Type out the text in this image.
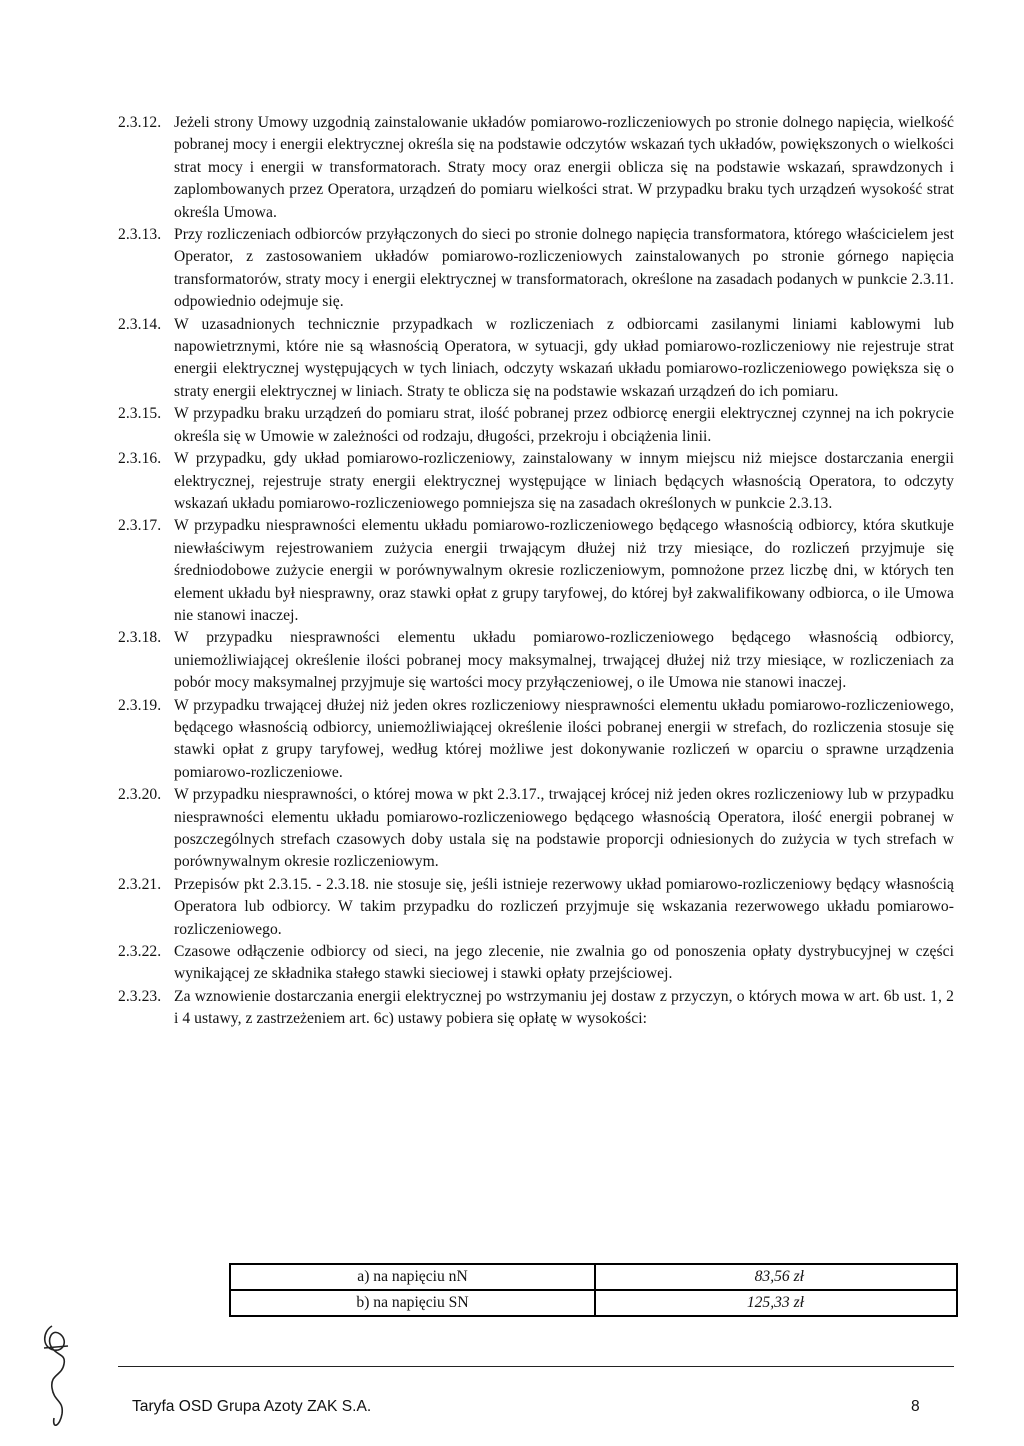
2.3.12. Jeżeli strony Umowy uzgodnią zainstalowanie układów pomiarowo-rozliczeniowych po stronie dolnego napięcia, wielkość pobranej mocy i energii elektrycznej określa się na podstawie odczytów wskazań tych układów, powiększonych o wielkości strat mocy i energii w transformatorach. Straty mocy oraz energii oblicza się na podstawie wskazań, sprawdzonych i zaplombowanych przez Operatora, urządzeń do pomiaru wielkości strat. W przypadku braku tych urządzeń wysokość strat określa Umowa.
2.3.13. Przy rozliczeniach odbiorców przyłączonych do sieci po stronie dolnego napięcia transformatora, którego właścicielem jest Operator, z zastosowaniem układów pomiarowo-rozliczeniowych zainstalowanych po stronie górnego napięcia transformatorów, straty mocy i energii elektrycznej w transformatorach, określone na zasadach podanych w punkcie 2.3.11. odpowiednio odejmuje się.
2.3.14. W uzasadnionych technicznie przypadkach w rozliczeniach z odbiorcami zasilanymi liniami kablowymi lub napowietrznymi, które nie są własnością Operatora, w sytuacji, gdy układ pomiarowo-rozliczeniowy nie rejestruje strat energii elektrycznej występujących w tych liniach, odczyty wskazań układu pomiarowo-rozliczeniowego powiększa się o straty energii elektrycznej w liniach. Straty te oblicza się na podstawie wskazań urządzeń do ich pomiaru.
2.3.15. W przypadku braku urządzeń do pomiaru strat, ilość pobranej przez odbiorcę energii elektrycznej czynnej na ich pokrycie określa się w Umowie w zależności od rodzaju, długości, przekroju i obciążenia linii.
2.3.16. W przypadku, gdy układ pomiarowo-rozliczeniowy, zainstalowany w innym miejscu niż miejsce dostarczania energii elektrycznej, rejestruje straty energii elektrycznej występujące w liniach będących własnością Operatora, to odczyty wskazań układu pomiarowo-rozliczeniowego pomniejsza się na zasadach określonych w punkcie 2.3.13.
2.3.17. W przypadku niesprawności elementu układu pomiarowo-rozliczeniowego będącego własnością odbiorcy, która skutkuje niewłaściwym rejestrowaniem zużycia energii trwającym dłużej niż trzy miesiące, do rozliczeń przyjmuje się średniodobowe zużycie energii w porównywalnym okresie rozliczeniowym, pomnożone przez liczbę dni, w których ten element układu był niesprawny, oraz stawki opłat z grupy taryfowej, do której był zakwalifikowany odbiorca, o ile Umowa nie stanowi inaczej.
2.3.18. W przypadku niesprawności elementu układu pomiarowo-rozliczeniowego będącego własnością odbiorcy, uniemożliwiającej określenie ilości pobranej mocy maksymalnej, trwającej dłużej niż trzy miesiące, w rozliczeniach za pobór mocy maksymalnej przyjmuje się wartości mocy przyłączeniowej, o ile Umowa nie stanowi inaczej.
2.3.19. W przypadku trwającej dłużej niż jeden okres rozliczeniowy niesprawności elementu układu pomiarowo-rozliczeniowego, będącego własnością odbiorcy, uniemożliwiającej określenie ilości pobranej energii w strefach, do rozliczenia stosuje się stawki opłat z grupy taryfowej, według której możliwe jest dokonywanie rozliczeń w oparciu o sprawne urządzenia pomiarowo-rozliczeniowe.
2.3.20. W przypadku niesprawności, o której mowa w pkt 2.3.17., trwającej krócej niż jeden okres rozliczeniowy lub w przypadku niesprawności elementu układu pomiarowo-rozliczeniowego będącego własnością Operatora, ilość energii pobranej w poszczególnych strefach czasowych doby ustala się na podstawie proporcji odniesionych do zużycia w tych strefach w porównywalnym okresie rozliczeniowym.
2.3.21. Przepisów pkt 2.3.15. - 2.3.18. nie stosuje się, jeśli istnieje rezerwowy układ pomiarowo-rozliczeniowy będący własnością Operatora lub odbiorcy. W takim przypadku do rozliczeń przyjmuje się wskazania rezerwowego układu pomiarowo-rozliczeniowego.
2.3.22. Czasowe odłączenie odbiorcy od sieci, na jego zlecenie, nie zwalnia go od ponoszenia opłaty dystrybucyjnej w części wynikającej ze składnika stałego stawki sieciowej i stawki opłaty przejściowej.
2.3.23. Za wznowienie dostarczania energii elektrycznej po wstrzymaniu jej dostaw z przyczyn, o których mowa w art. 6b ust. 1, 2 i 4 ustawy, z zastrzeżeniem art. 6c) ustawy pobiera się opłatę w wysokości:
a) na napięciu nN	83,56 zł
b) na napięciu SN	125,33 zł
Taryfa OSD Grupa Azoty ZAK S.A.	8
